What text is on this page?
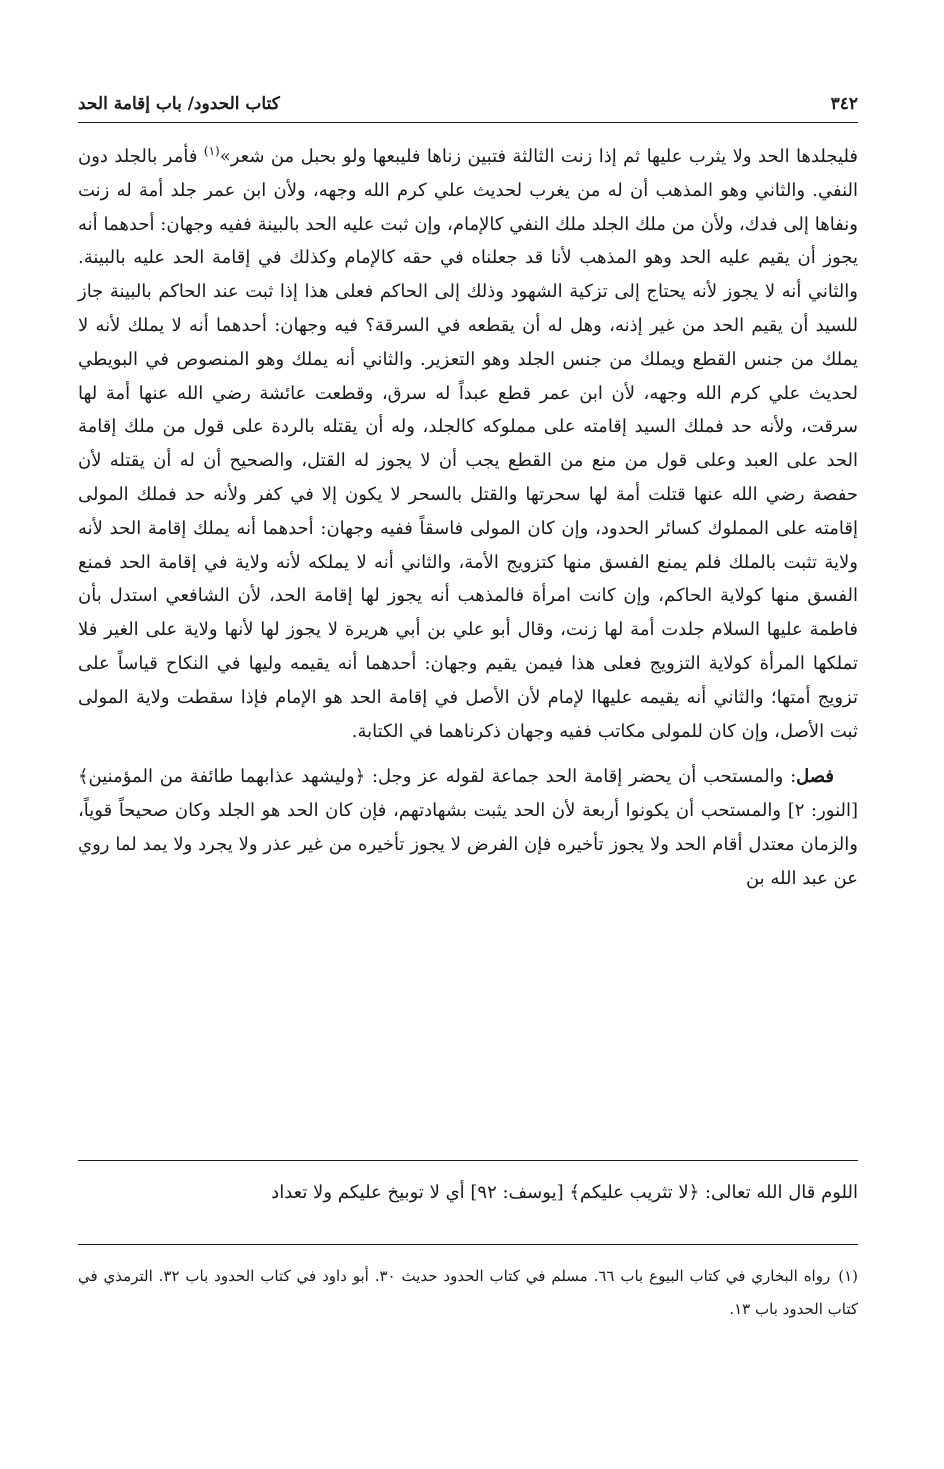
٣٤٢
كتاب الحدود/ باب إقامة الحد

فليجلدها الحد ولا يثرب عليها ثم إذا زنت الثالثة فتبين زناها فليبعها ولو بحبل من شعر»$^{(١)}$ فأمر بالجلد دون النفي. والثاني وهو المذهب أن له من يغرب لحديث علي كرم الله وجهه، ولأن ابن عمر جلد أمة له زنت ونفاها إلى فدك، ولأن من ملك الجلد ملك النفي كالإمام، وإن ثبت عليه الحد بالبينة ففيه وجهان: أحدهما أنه يجوز أن يقيم عليه الحد وهو المذهب لأنا قد جعلناه في حقه كالإمام وكذلك في إقامة الحد عليه بالبينة. والثاني أنه لا يجوز لأنه يحتاج إلى تزكية الشهود وذلك إلى الحاكم فعلى هذا إذا ثبت عند الحاكم بالبينة جاز للسيد أن يقيم الحد من غير إذنه، وهل له أن يقطعه في السرقة؟ فيه وجهان: أحدهما أنه لا يملك لأنه لا يملك من جنس القطع ويملك من جنس الجلد وهو التعزير. والثاني أنه يملك وهو المنصوص في البويطي لحديث علي كرم الله وجهه، لأن ابن عمر قطع عبداً له سرق، وقطعت عائشة رضي الله عنها أمة لها سرقت، ولأنه حد فملك السيد إقامته على مملوكه كالجلد، وله أن يقتله بالردة على قول من ملك إقامة الحد على العبد وعلى قول من منع من القطع يجب أن لا يجوز له القتل، والصحيح أن له أن يقتله لأن حفصة رضي الله عنها قتلت أمة لها سحرتها والقتل بالسحر لا يكون إلا في كفر ولأنه حد فملك المولى إقامته على المملوك كسائر الحدود، وإن كان المولى فاسقاً ففيه وجهان: أحدهما أنه يملك إقامة الحد لأنه ولاية تثبت بالملك فلم يمنع الفسق منها كتزويج الأمة، والثاني أنه لا يملكه لأنه ولاية في إقامة الحد فمنع الفسق منها كولاية الحاكم، وإن كانت امرأة فالمذهب أنه يجوز لها إقامة الحد، لأن الشافعي استدل بأن فاطمة عليها السلام جلدت أمة لها زنت، وقال أبو علي بن أبي هريرة لا يجوز لها لأنها ولاية على الغير فلا تملكها المرأة كولاية التزويج فعلى هذا فيمن يقيم وجهان: أحدهما أنه يقيمه وليها في النكاح قياساً على تزويج أمتها؛ والثاني أنه يقيمه عليهاا لإمام لأن الأصل في إقامة الحد هو الإمام فإذا سقطت ولاية المولى ثبت الأصل، وإن كان للمولى مكاتب ففيه وجهان ذكرناهما في الكتابة.

فصل: والمستحب أن يحضر إقامة الحد جماعة لقوله عز وجل: ﴿وليشهد عذابهما طائفة من المؤمنين﴾ [النور: ٢] والمستحب أن يكونوا أربعة لأن الحد يثبت بشهادتهم، فإن كان الحد هو الجلد وكان صحيحاً قوياً، والزمان معتدل أقام الحد ولا يجوز تأخيره فإن الفرض لا يجوز تأخيره من غير عذر ولا يجرد ولا يمد لما روي عن عبد الله بن

اللوم قال الله تعالى: ﴿لا تثريب عليكم﴾ [يوسف: ٩٢] أي لا توبيخ عليكم ولا تعداد
(١)رواه البخاري في كتاب البيوع باب ٦٦. مسلم في كتاب الحدود حديث ٣٠. أبو داود في كتاب الحدود باب ٣٢. الترمذي في كتاب الحدود باب ١٣.
